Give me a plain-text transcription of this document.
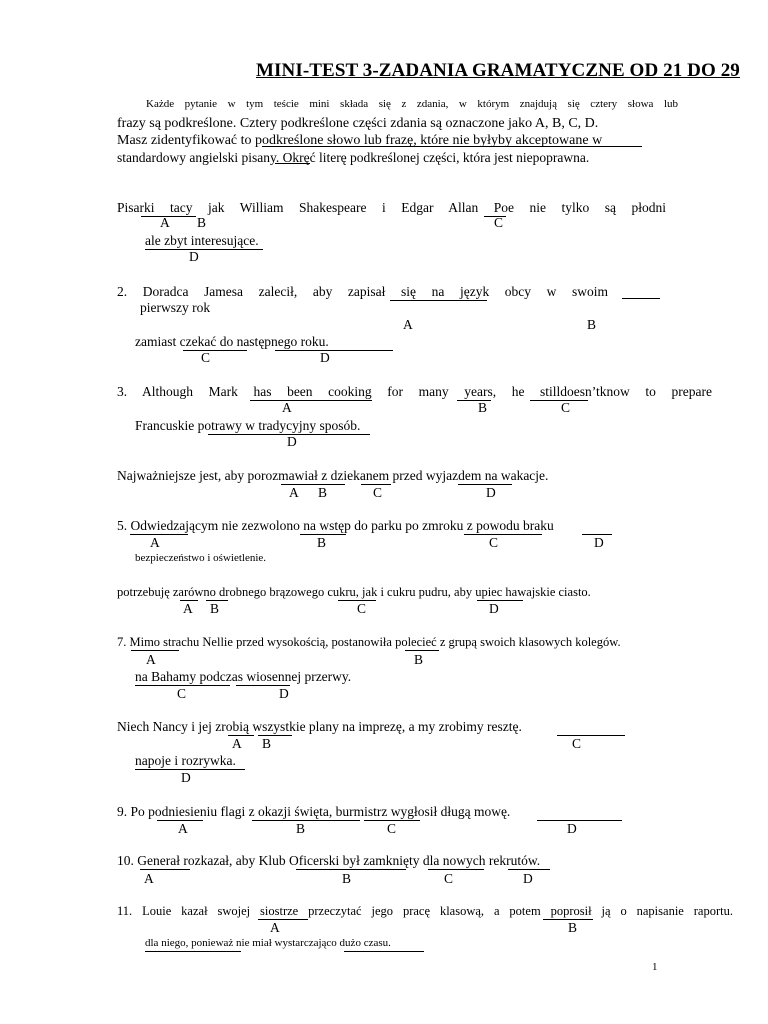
MINI-TEST 3-ZADANIA GRAMATYCZNE OD 21 DO 29
Każde pytanie w tym teście mini składa się z zdania, w którym znajdują się cztery słowa lub
frazy są podkreślone. Cztery podkreślone części zdania są oznaczone jako A, B, C, D.
Masz zidentyfikować to podkreślone słowo lub frazę, które nie byłyby akceptowane w
standardowy angielski pisany. Okręć literę podkreślonej części, która jest niepoprawna.
Pisarki tacy jak William Shakespeare i Edgar Allan Poe nie tylko są płodni
A B	C
ale zbyt interesujące.
D
2. Doradca Jamesa zalecił, aby zapisał się na język obcy w swoim
pierwszy rok
A	B
zamiast czekać do następnego roku.
C	D
3. Although Mark has been cooking for many years, he stilldoesn’tknow to prepare
A	B	C
Francuskie potrawy w tradycyjny sposób.
D
Najważniejsze jest, aby porozmawiał z dziekanem przed wyjazdem na wakacje.
A B	C	D
5. Odwiedzającym nie zezwolono na wstęp do parku po zmroku z powodu braku
A	B	C	D
bezpieczeństwo i oświetlenie.
potrzebuję zarówno drobnego brązowego cukru, jak i cukru pudru, aby upiec hawajskie ciasto.
A B	C	D
7. Mimo strachu Nellie przed wysokością, postanowiła polecieć z grupą swoich klasowych kolegów.
A	B
na Bahamy podczas wiosennej przerwy.
C	D
Niech Nancy i jej zrobią wszystkie plany na imprezę, a my zrobimy resztę.
A B	C
napoje i rozrywka.
D
9. Po podniesieniu flagi z okazji święta, burmistrz wygłosił długą mowę.
A	B	C	D
10. Generał rozkazał, aby Klub Oficerski był zamknięty dla nowych rekrutów.
A	B	C	D
11. Louie kazał swojej siostrze przeczytać jego pracę klasową, a potem poprosił ją o napisanie raportu.
A	B
dla niego, ponieważ nie miał wystarczająco dużo czasu.
1
